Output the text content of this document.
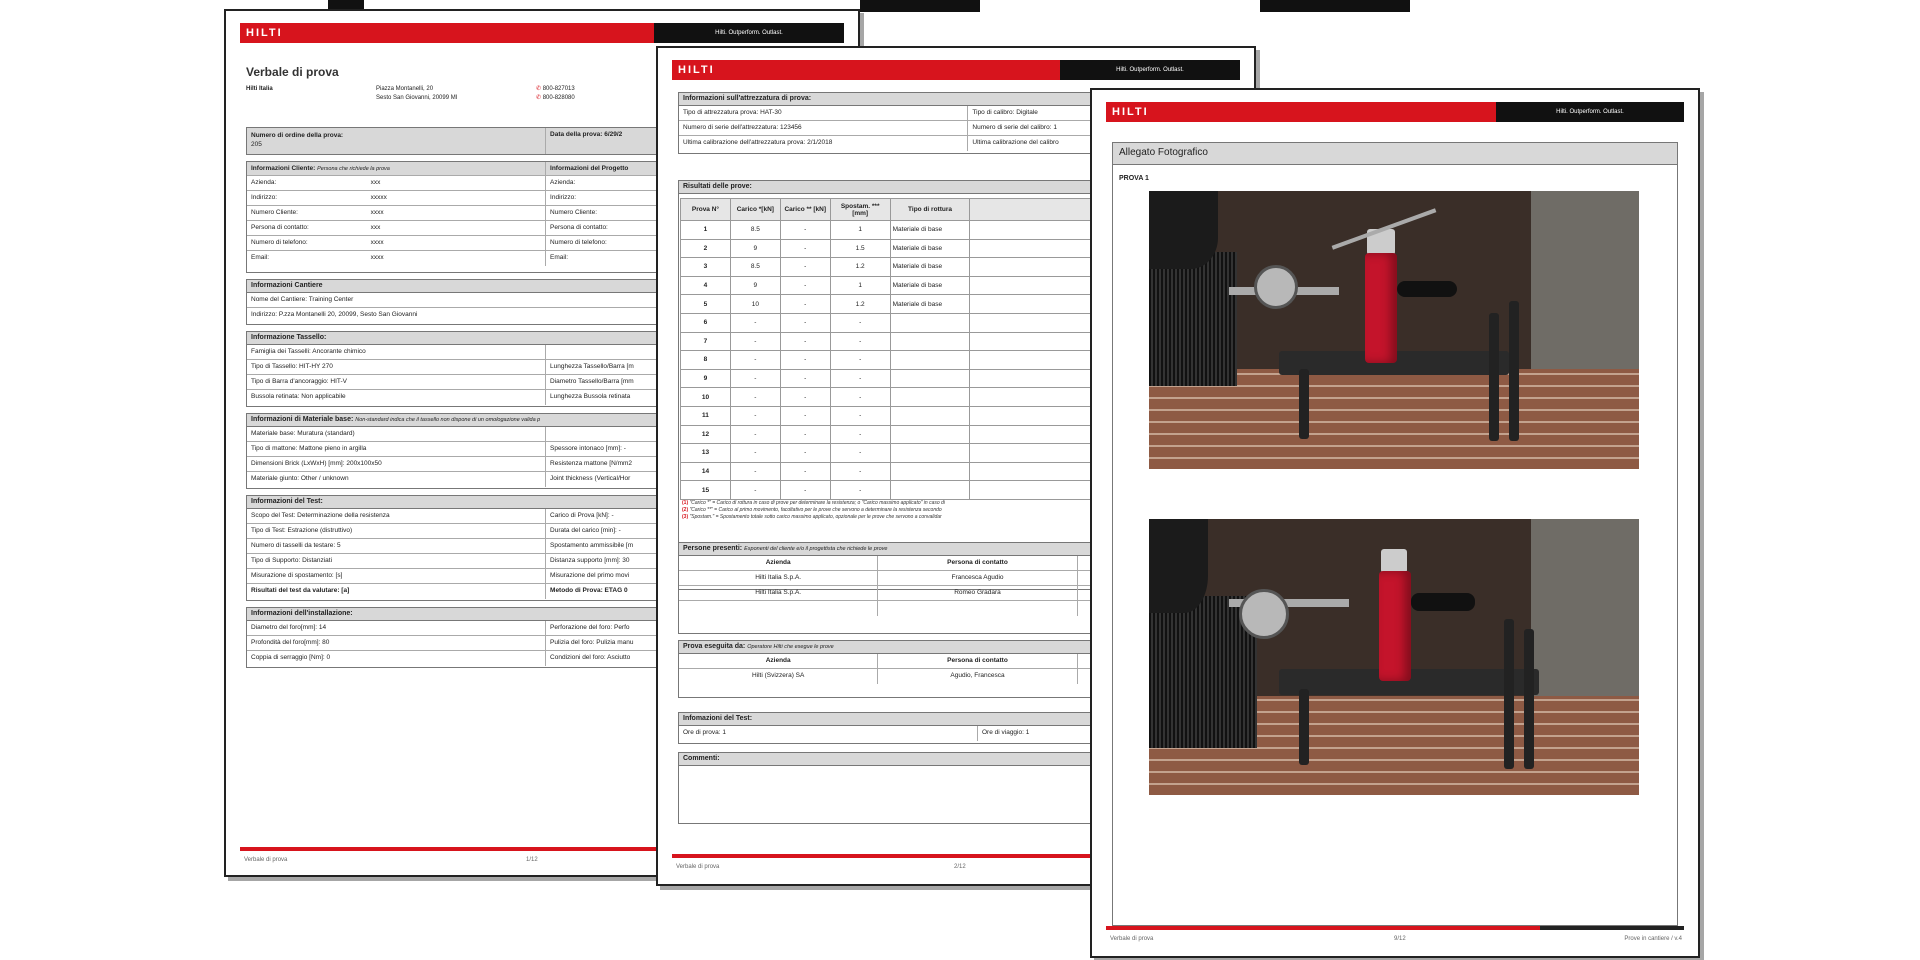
HILTI	Hilti. Outperform. Outlast.
Verbale di prova
Hilti Italia	Piazza Montanelli, 20	✆ 800-827013
Sesto San Giovanni, 20099 MI	✆ 800-828080
Numero di ordine della prova:
205
Data della prova: 6/29/2
Informazioni Cliente: Persona che richiede la prova	Informazioni del Progetto
Azienda:	xxx	Azienda:
Indirizzo:	xxxxx	Indirizzo:
Numero Cliente:	xxxx	Numero Cliente:
Persona di contatto:	xxx	Persona di contatto:
Numero di telefono:	xxxx	Numero di telefono:
Email:	xxxx	Email:
Informazioni Cantiere
Nome del Cantiere: Training Center
Indirizzo: P.zza Montanelli 20, 20099, Sesto San Giovanni
Informazione Tassello:
Famiglia dei Tasselli: Ancorante chimico
Tipo di Tassello: HIT-HY 270	Lunghezza Tassello/Barra [m
Tipo di Barra d'ancoraggio: HIT-V	Diametro Tassello/Barra [mm
Bussola retinata: Non applicabile	Lunghezza Bussola retinata
Informazioni di Materiale base: Non-standard indica che il tassello non dispone di un omologazione valida p
Materiale base: Muratura (standard)
Tipo di mattone: Mattone pieno in argilla	Spessore intonaco [mm]: -
Dimensioni Brick (LxWxH) [mm]: 200x100x50	Resistenza mattone [N/mm2
Materiale giunto: Other / unknown	Joint thickness (Vertical/Hor
Informazioni del Test:
Scopo del Test: Determinazione della resistenza	Carico di Prova [kN]: -
Tipo di Test: Estrazione (distruttivo)	Durata del carico [min]: -
Numero di tasselli da testare: 5	Spostamento ammissibile [m
Tipo di Supporto: Distanziati	Distanza supporto [mm]: 30
Misurazione di spostamento: [s]	Misurazione del primo movi
Risultati del test da valutare: [a]	Metodo di Prova: ETAG 0
Informazioni dell'installazione:
Diametro del foro[mm]: 14	Perforazione del foro: Perfo
Profondità del foro[mm]: 80	Pulizia del foro: Pulizia manu
Coppia di serraggio [Nm]: 0	Condizioni del foro: Asciutto
Verbale di prova	1/12
HILTI	Hilti. Outperform. Outlast.
Informazioni sull'attrezzatura di prova:
Tipo di attrezzatura prova: HAT-30	Tipo di calibro: Digitale
Numero di serie dell'attrezzatura: 123456	Numero di serie del calibro: 1
Ultima calibrazione dell'attrezzatura prova: 2/1/2018	Ultima calibrazione del calibro
Risultati delle prove:
Prova N°	Carico *[kN]	Carico ** [kN]	Spostam. *** [mm]	Tipo di rottura	
1	8.5	-	1	Materiale di base	
2	9	-	1.5	Materiale di base	
3	8.5	-	1.2	Materiale di base	
4	9	-	1	Materiale di base	
5	10	-	1.2	Materiale di base	
6	-	-	-		
7	-	-	-		
8	-	-	-		
9	-	-	-		
10	-	-	-		
11	-	-	-		
12	-	-	-		
13	-	-	-		
14	-	-	-		
15	-	-	-		
(1) "Carico *" = Carico di rottura in caso di prove per determinare la resistenza; o "Carico massimo applicato" in caso di
(2) "Carico **" = Carico al primo movimento, facoltativo per le prove che servono a determinare la resistenza secondo
(3) "Spostam." = Spostamento totale sotto carico massimo applicato, opzionale per le prove che servono a convalidar
Persone presenti: Esponenti del cliente e/o il progettista che richiede le prove
Azienda	Persona di contatto
Hilti Italia S.p.A.	Francesca Agudio
Hilti Italia S.p.A.	Romeo Gradara
Prova eseguita da: Operatore Hilti che esegue le prove
Azienda	Persona di contatto
Hilti (Svizzera) SA	Agudio, Francesca
Infomazioni del Test:
Ore di prova: 1	Ore di viaggio: 1
Commenti:
Verbale di prova	2/12
HILTI	Hilti. Outperform. Outlast.
Allegato Fotografico
PROVA 1
Verbale di prova	9/12	Prove in cantiere / v.4
